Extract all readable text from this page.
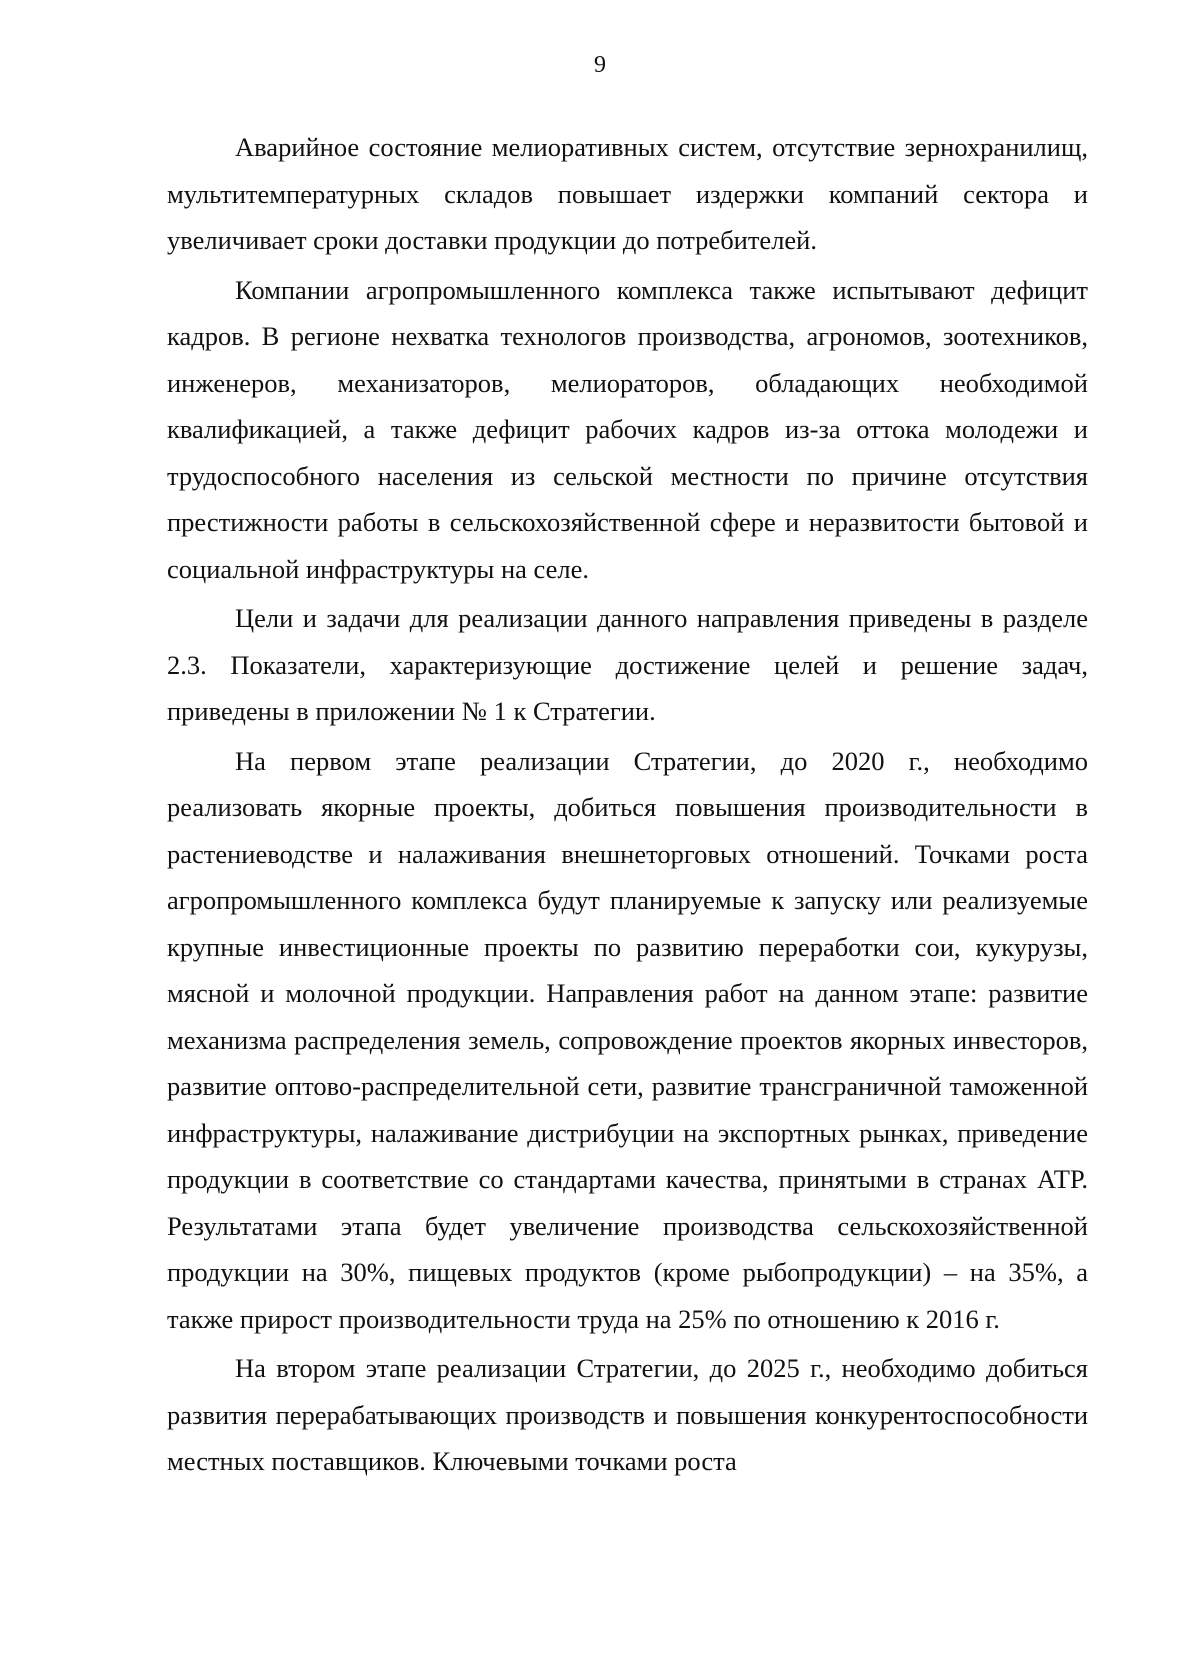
9

Аварийное состояние мелиоративных систем, отсутствие зернохранилищ, мультитемпературных складов повышает издержки компаний сектора и увеличивает сроки доставки продукции до потребителей.

Компании агропромышленного комплекса также испытывают дефицит кадров. В регионе нехватка технологов производства, агрономов, зоотехников, инженеров, механизаторов, мелиораторов, обладающих необходимой квалификацией, а также дефицит рабочих кадров из-за оттока молодежи и трудоспособного населения из сельской местности по причине отсутствия престижности работы в сельскохозяйственной сфере и неразвитости бытовой и социальной инфраструктуры на селе.

Цели и задачи для реализации данного направления приведены в разделе 2.3. Показатели, характеризующие достижение целей и решение задач, приведены в приложении № 1 к Стратегии.

На первом этапе реализации Стратегии, до 2020 г., необходимо реализовать якорные проекты, добиться повышения производительности в растениеводстве и налаживания внешнеторговых отношений. Точками роста агропромышленного комплекса будут планируемые к запуску или реализуемые крупные инвестиционные проекты по развитию переработки сои, кукурузы, мясной и молочной продукции. Направления работ на данном этапе: развитие механизма распределения земель, сопровождение проектов якорных инвесторов, развитие оптово-распределительной сети, развитие трансграничной таможенной инфраструктуры, налаживание дистрибуции на экспортных рынках, приведение продукции в соответствие со стандартами качества, принятыми в странах АТР. Результатами этапа будет увеличение производства сельскохозяйственной продукции на 30%, пищевых продуктов (кроме рыбопродукции) – на 35%, а также прирост производительности труда на 25% по отношению к 2016 г.

На втором этапе реализации Стратегии, до 2025 г., необходимо добиться развития перерабатывающих производств и повышения конкурентоспособности местных поставщиков. Ключевыми точками роста
